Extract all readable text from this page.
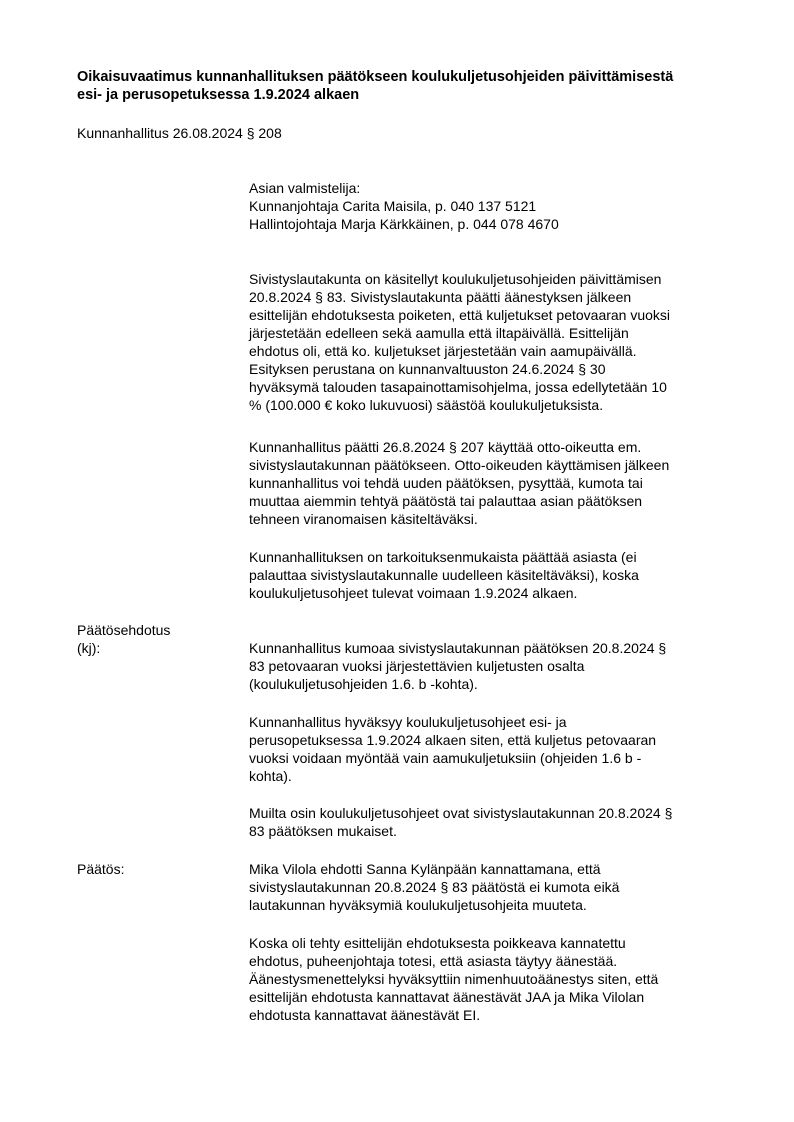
Oikaisuvaatimus kunnanhallituksen päätökseen koulukuljetusohjeiden päivittämisestä
esi- ja perusopetuksessa 1.9.2024 alkaen
Kunnanhallitus 26.08.2024 § 208
Asian valmistelija:
Kunnanjohtaja Carita Maisila, p. 040 137 5121
Hallintojohtaja Marja Kärkkäinen, p. 044 078 4670
Sivistyslautakunta on käsitellyt koulukuljetusohjeiden päivittämisen
20.8.2024 § 83. Sivistyslautakunta päätti äänestyksen jälkeen
esittelijän ehdotuksesta poiketen, että kuljetukset petovaaran vuoksi
järjestetään edelleen sekä aamulla että iltapäivällä. Esittelijän
ehdotus oli, että ko. kuljetukset järjestetään vain aamupäivällä.
Esityksen perustana on kunnanvaltuuston 24.6.2024 § 30
hyväksymä talouden tasapainottamisohjelma, jossa edellytetään 10
% (100.000 € koko lukuvuosi) säästöä koulukuljetuksista.
Kunnanhallitus päätti 26.8.2024 § 207 käyttää otto-oikeutta em.
sivistyslautakunnan päätökseen. Otto-oikeuden käyttämisen jälkeen
kunnanhallitus voi tehdä uuden päätöksen, pysyttää, kumota tai
muuttaa aiemmin tehtyä päätöstä tai palauttaa asian päätöksen
tehneen viranomaisen käsiteltäväksi.
Kunnanhallituksen on tarkoituksenmukaista päättää asiasta (ei
palauttaa sivistyslautakunnalle uudelleen käsiteltäväksi), koska
koulukuljetusohjeet tulevat voimaan 1.9.2024 alkaen.
Päätösehdotus
(kj):	Kunnanhallitus kumoaa sivistyslautakunnan päätöksen 20.8.2024 §
83 petovaaran vuoksi järjestettävien kuljetusten osalta
(koulukuljetusohjeiden 1.6. b -kohta).
Kunnanhallitus hyväksyy koulukuljetusohjeet esi- ja
perusopetuksessa 1.9.2024 alkaen siten, että kuljetus petovaaran
vuoksi voidaan myöntää vain aamukuljetuksiin (ohjeiden 1.6 b -
kohta).
Muilta osin koulukuljetusohjeet ovat sivistyslautakunnan 20.8.2024 §
83 päätöksen mukaiset.
Päätös:	Mika Vilola ehdotti Sanna Kylänpään kannattamana, että
sivistyslautakunnan 20.8.2024 § 83 päätöstä ei kumota eikä
lautakunnan hyväksymiä koulukuljetusohjeita muuteta.
Koska oli tehty esittelijän ehdotuksesta poikkeava kannatettu
ehdotus, puheenjohtaja totesi, että asiasta täytyy äänestää.
Äänestysmenettelyksi hyväksyttiin nimenhuutoäänestys siten, että
esittelijän ehdotusta kannattavat äänestävät JAA ja Mika Vilolan
ehdotusta kannattavat äänestävät EI.
